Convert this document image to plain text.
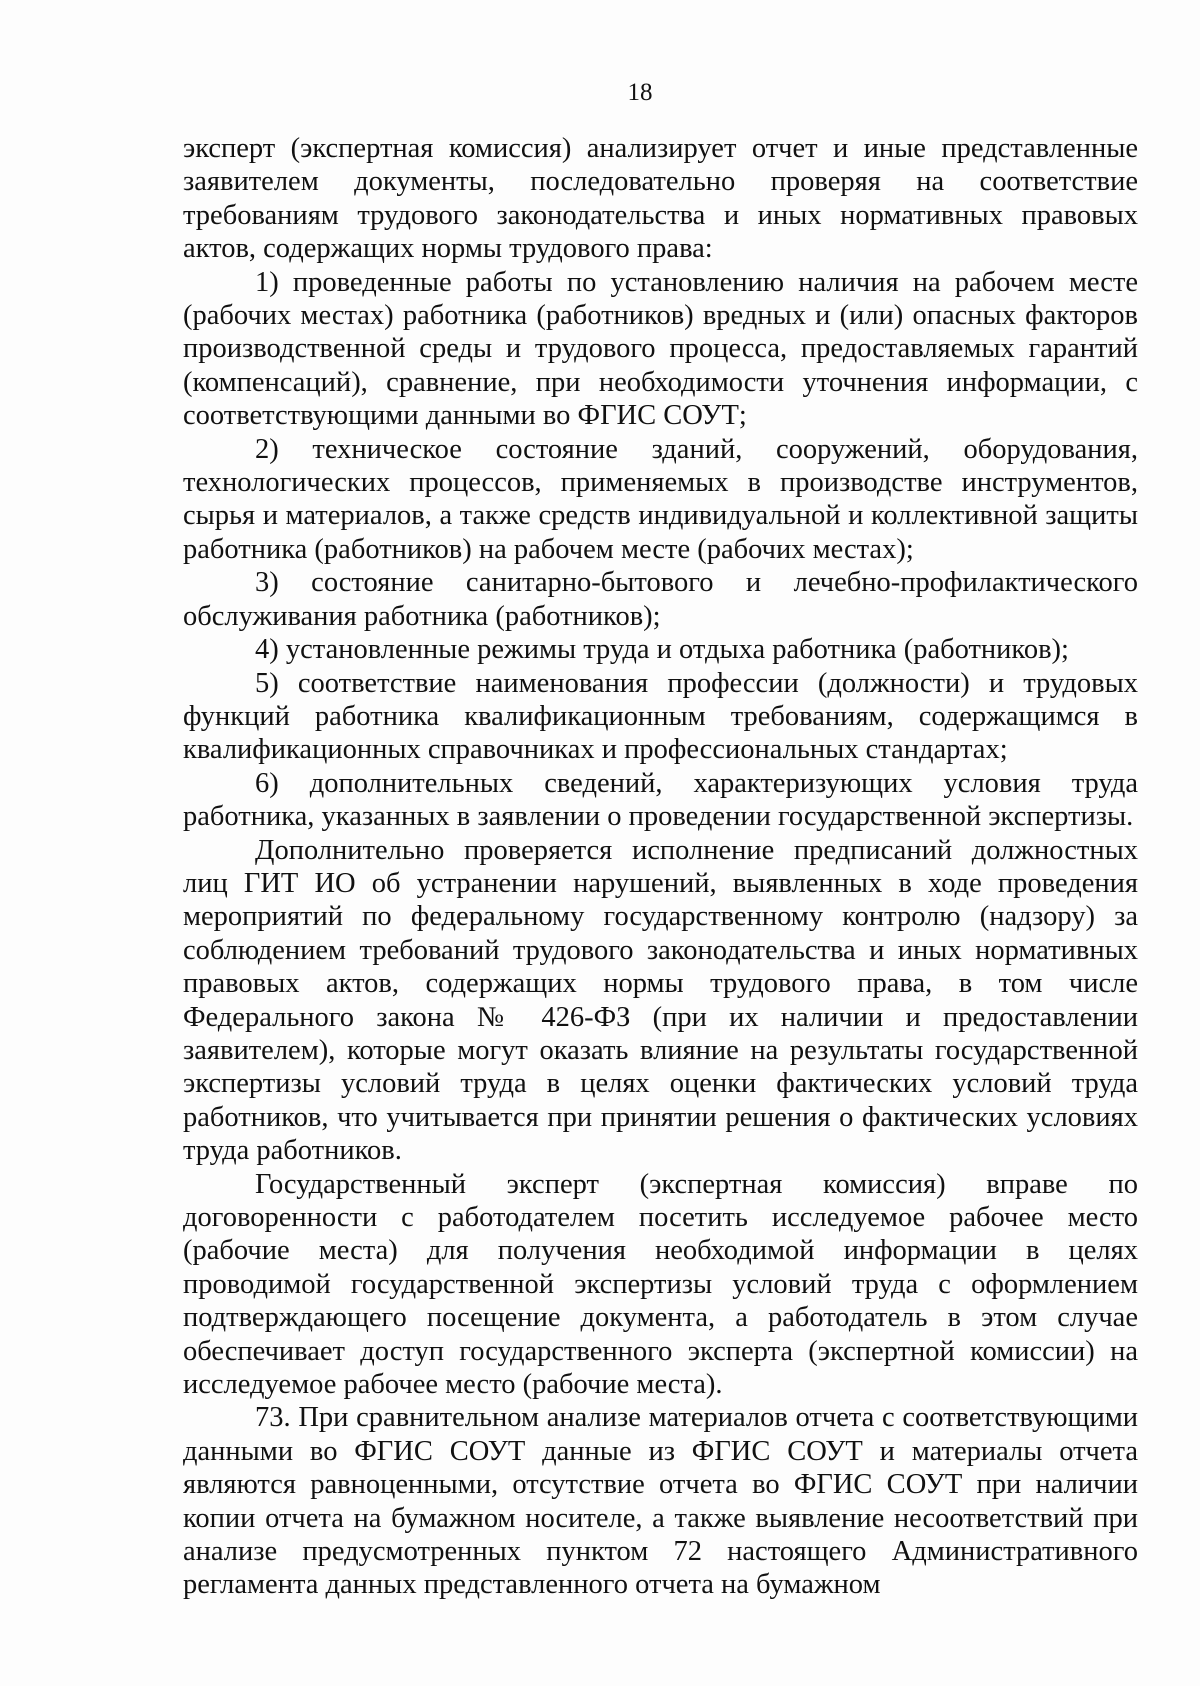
18

эксперт (экспертная комиссия) анализирует отчет и иные представленные заявителем документы, последовательно проверяя на соответствие требованиям трудового законодательства и иных нормативных правовых актов, содержащих нормы трудового права:

1) проведенные работы по установлению наличия на рабочем месте (рабочих местах) работника (работников) вредных и (или) опасных факторов производственной среды и трудового процесса, предоставляемых гарантий (компенсаций), сравнение, при необходимости уточнения информации, с соответствующими данными во ФГИС СОУТ;

2) техническое состояние зданий, сооружений, оборудования, технологических процессов, применяемых в производстве инструментов, сырья и материалов, а также средств индивидуальной и коллективной защиты работника (работников) на рабочем месте (рабочих местах);

3) состояние санитарно-бытового и лечебно-профилактического обслуживания работника (работников);

4) установленные режимы труда и отдыха работника (работников);

5) соответствие наименования профессии (должности) и трудовых функций работника квалификационным требованиям, содержащимся в квалификационных справочниках и профессиональных стандартах;

6) дополнительных сведений, характеризующих условия труда работника, указанных в заявлении о проведении государственной экспертизы.

Дополнительно проверяется исполнение предписаний должностных лиц ГИТ ИО об устранении нарушений, выявленных в ходе проведения мероприятий по федеральному государственному контролю (надзору) за соблюдением требований трудового законодательства и иных нормативных правовых актов, содержащих нормы трудового права, в том числе Федерального закона № 426-ФЗ (при их наличии и предоставлении заявителем), которые могут оказать влияние на результаты государственной экспертизы условий труда в целях оценки фактических условий труда работников, что учитывается при принятии решения о фактических условиях труда работников.

Государственный эксперт (экспертная комиссия) вправе по договоренности с работодателем посетить исследуемое рабочее место (рабочие места) для получения необходимой информации в целях проводимой государственной экспертизы условий труда с оформлением подтверждающего посещение документа, а работодатель в этом случае обеспечивает доступ государственного эксперта (экспертной комиссии) на исследуемое рабочее место (рабочие места).

73. При сравнительном анализе материалов отчета с соответствующими данными во ФГИС СОУТ данные из ФГИС СОУТ и материалы отчета являются равноценными, отсутствие отчета во ФГИС СОУТ при наличии копии отчета на бумажном носителе, а также выявление несоответствий при анализе предусмотренных пунктом 72 настоящего Административного регламента данных представленного отчета на бумажном
